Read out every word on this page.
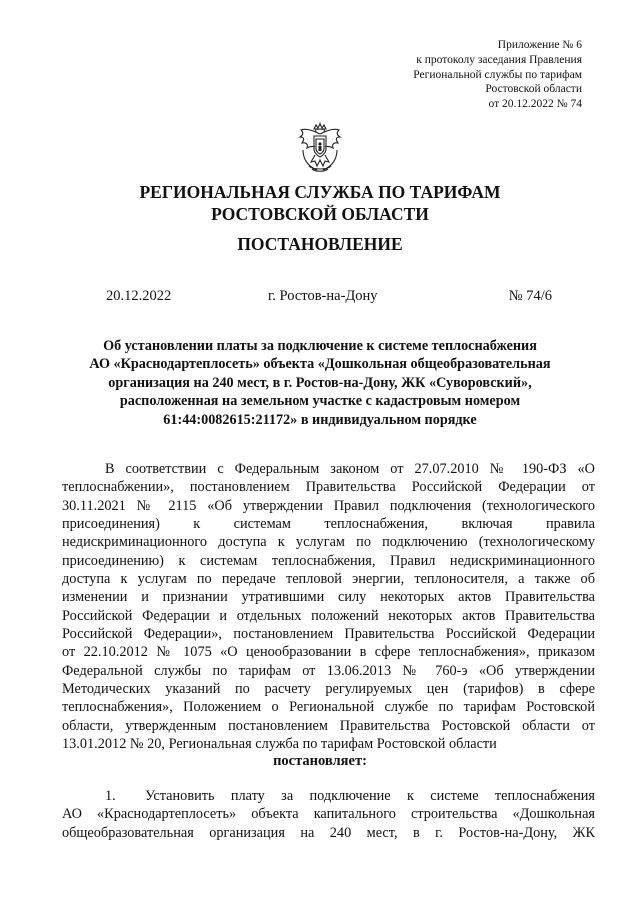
Приложение № 6
к протоколу заседания Правления
Региональной службы по тарифам
Ростовской области
от 20.12.2022 № 74
РЕГИОНАЛЬНАЯ СЛУЖБА ПО ТАРИФАМ
РОСТОВСКОЙ ОБЛАСТИ
ПОСТАНОВЛЕНИЕ
20.12.2022	г. Ростов-на-Дону	№ 74/6
Об установлении платы за подключение к системе теплоснабжения
АО «Краснодартеплосеть» объекта «Дошкольная общеобразовательная
организация на 240 мест, в г. Ростов-на-Дону, ЖК «Суворовский»,
расположенная на земельном участке с кадастровым номером
61:44:0082615:21172» в индивидуальном порядке
В соответствии с Федеральным законом от 27.07.2010 № 190-ФЗ «О
теплоснабжении», постановлением Правительства Российской Федерации от
30.11.2021 № 2115 «Об утверждении Правил подключения (технологического
присоединения) к системам теплоснабжения, включая правила
недискриминационного доступа к услугам по подключению (технологическому
присоединению) к системам теплоснабжения, Правил недискриминационного
доступа к услугам по передаче тепловой энергии, теплоносителя, а также об
изменении и признании утратившими силу некоторых актов Правительства
Российской Федерации и отдельных положений некоторых актов Правительства
Российской Федерации», постановлением Правительства Российской Федерации
от 22.10.2012 № 1075 «О ценообразовании в сфере теплоснабжения», приказом
Федеральной службы по тарифам от 13.06.2013 № 760-э «Об утверждении
Методических указаний по расчету регулируемых цен (тарифов) в сфере
теплоснабжения», Положением о Региональной службе по тарифам Ростовской
области, утвержденным постановлением Правительства Ростовской области от
13.01.2012 № 20, Региональная служба по тарифам Ростовской области
постановляет:
1. Установить плату за подключение к системе теплоснабжения
АО «Краснодартеплосеть» объекта капитального строительства «Дошкольная
общеобразовательная организация на 240 мест, в г. Ростов-на-Дону, ЖК
